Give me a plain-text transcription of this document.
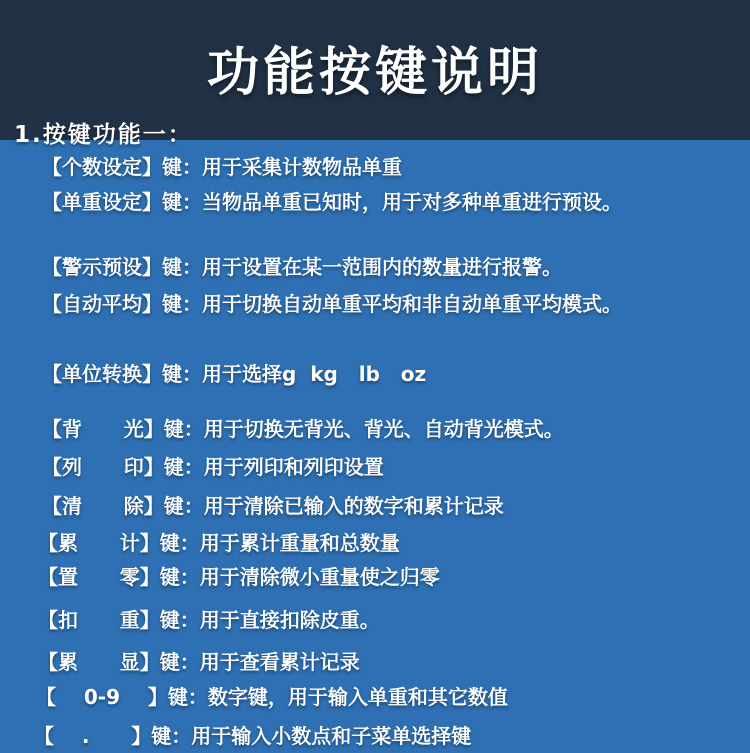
功能按键说明
1.按键功能一：
【个数设定】键：用于采集计数物品单重
【单重设定】键：当物品单重已知时，用于对多种单重进行预设。
【警示预设】键：用于设置在某一范围内的数量进行报警。
【自动平均】键：用于切换自动单重平均和非自动单重平均模式。
【单位转换】键：用于选择g  kg   lb   oz
【背      光】键：用于切换无背光、背光、自动背光模式。
【列      印】键：用于列印和列印设置
【清      除】键：用于清除已输入的数字和累计记录
【累      计】键：用于累计重量和总数量
【置      零】键：用于清除微小重量使之归零
【扣      重】键：用于直接扣除皮重。
【累      显】键：用于查看累计记录
【    0-9    】键：数字键，用于输入单重和其它数值
【    .      】键：用于输入小数点和子菜单选择键
